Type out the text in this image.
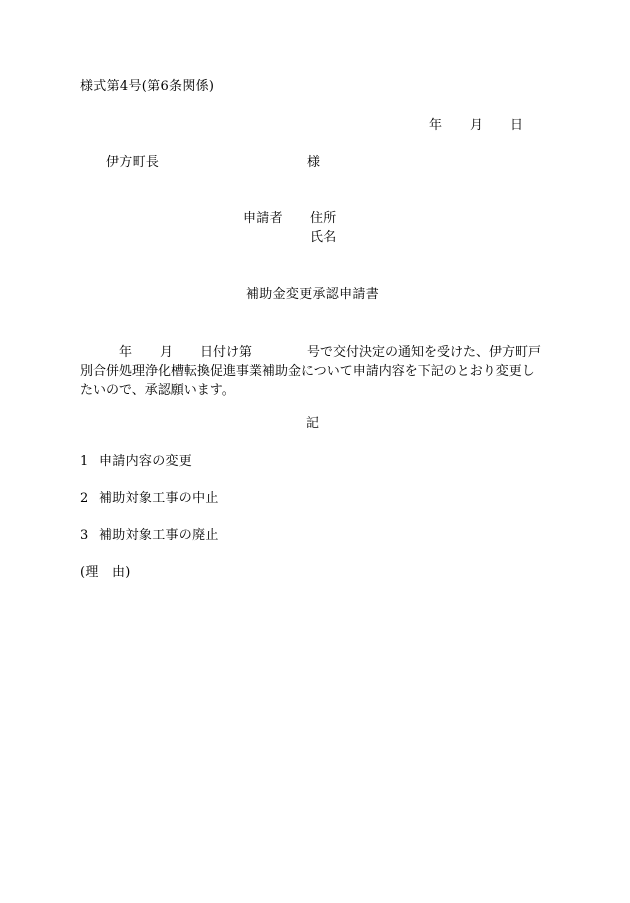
様式第4号(第6条関係)
年 月 日
伊方町長	様
申請者 住所
氏名
補助金変更承認申請書
年 月 日付け第	号で交付決定の通知を受けた、伊方町戸
別合併処理浄化槽転換促進事業補助金について申請内容を下記のとおり変更し
たいので、承認願います。
記
1 申請内容の変更
2 補助対象工事の中止
3 補助対象工事の廃止
(理　由)
